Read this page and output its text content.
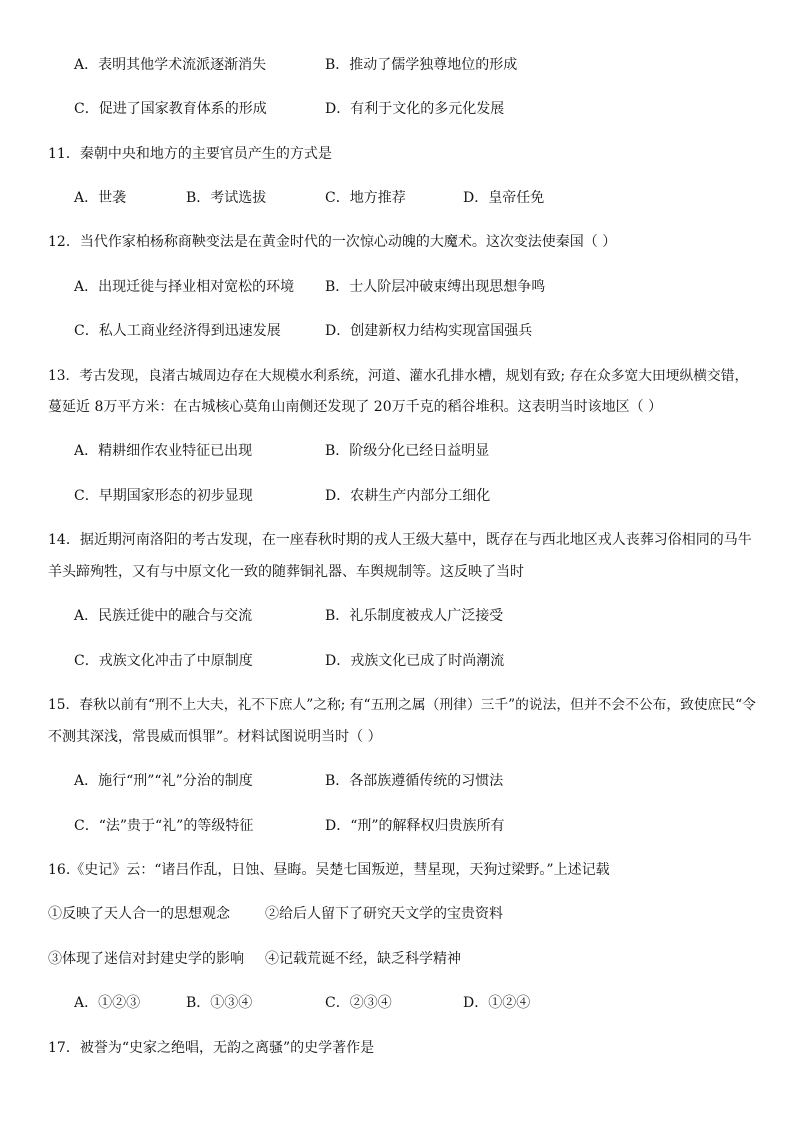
A．表明其他学术流派逐渐消失	B．推动了儒学独尊地位的形成
C．促进了国家教育体系的形成	D．有利于文化的多元化发展
11．秦朝中央和地方的主要官员产生的方式是
A．世袭	B．考试选拔	C．地方推荐	D．皇帝任免
12．当代作家柏杨称商鞅变法是在黄金时代的一次惊心动魄的大魔术。这次变法使秦国（ ）
A．出现迁徙与择业相对宽松的环境 B．士人阶层冲破束缚出现思想争鸣
C．私人工商业经济得到迅速发展	D．创建新权力结构实现富国强兵
13．考古发现，良渚古城周边存在大规模水利系统，河道、灌水孔排水槽，规划有致; 存在众多宽大田埂纵横交错，
蔓延近 8万平方米：在古城核心莫角山南侧还发现了 20万千克的稻谷堆积。这表明当时该地区（ ）
A．精耕细作农业特征已出现	B．阶级分化已经日益明显
C．早期国家形态的初步显现	D．农耕生产内部分工细化
14．据近期河南洛阳的考古发现，在一座春秋时期的戎人王级大墓中，既存在与西北地区戎人丧葬习俗相同的马牛
羊头蹄殉牲，又有与中原文化一致的随葬铜礼器、车舆规制等。这反映了当时
A．民族迁徙中的融合与交流	B．礼乐制度被戎人广泛接受
C．戎族文化冲击了中原制度	D．戎族文化已成了时尚潮流
15．春秋以前有“刑不上大夫，礼不下庶人”之称; 有“五刑之属（刑律）三千”的说法，但并不会不公布，致使庶民“令
不测其深浅，常畏威而惧罪”。材料试图说明当时（ ）
A．施行“刑”“礼”分治的制度	B．各部族遵循传统的习惯法
C．“法”贵于“礼”的等级特征	D．“刑”的解释权归贵族所有
16.《史记》云：“诸吕作乱，日蚀、昼晦。吴楚七国叛逆，彗星现，天狗过梁野。”上述记载
①反映了天人合一的思想观念	②给后人留下了研究天文学的宝贵资料
③体现了迷信对封建史学的影响 ④记载荒诞不经，缺乏科学精神
A．①②③	B．①③④	C．②③④	D．①②④
17．被誉为“史家之绝唱，无韵之离骚”的史学著作是
